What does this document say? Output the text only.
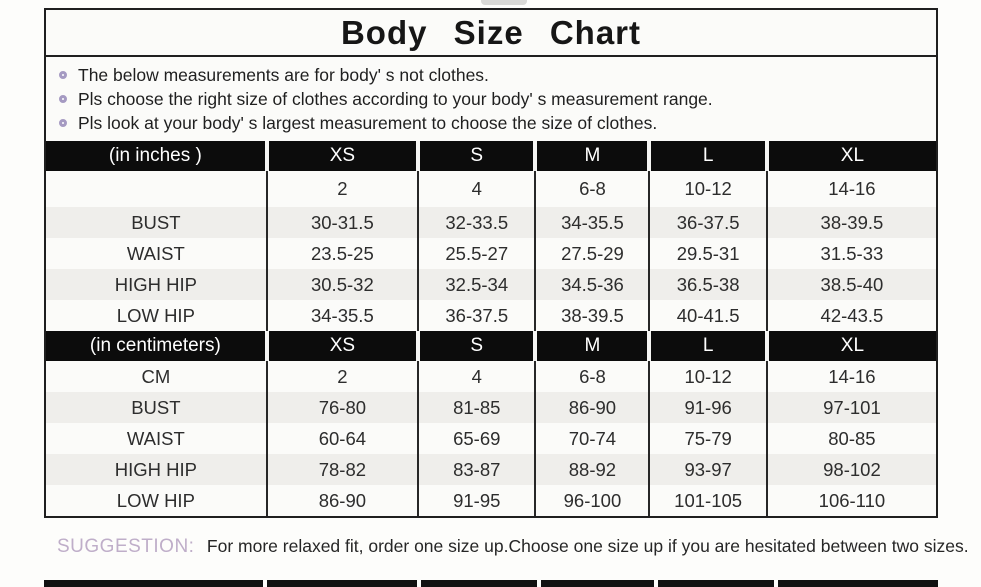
Body Size Chart
The below measurements are for body' s not clothes.
Pls choose the right size of clothes according to your body' s measurement range.
Pls look at your body' s largest measurement to choose the size of clothes.
(in inches )	XS	S	M	L	XL
	2	4	6-8	10-12	14-16
BUST	30-31.5	32-33.5	34-35.5	36-37.5	38-39.5
WAIST	23.5-25	25.5-27	27.5-29	29.5-31	31.5-33
HIGH HIP	30.5-32	32.5-34	34.5-36	36.5-38	38.5-40
LOW HIP	34-35.5	36-37.5	38-39.5	40-41.5	42-43.5
(in centimeters)	XS	S	M	L	XL
CM	2	4	6-8	10-12	14-16
BUST	76-80	81-85	86-90	91-96	97-101
WAIST	60-64	65-69	70-74	75-79	80-85
HIGH HIP	78-82	83-87	88-92	93-97	98-102
LOW HIP	86-90	91-95	96-100	101-105	106-110
SUGGESTION: For more relaxed fit, order one size up.Choose one size up if you are hesitated between two sizes.
